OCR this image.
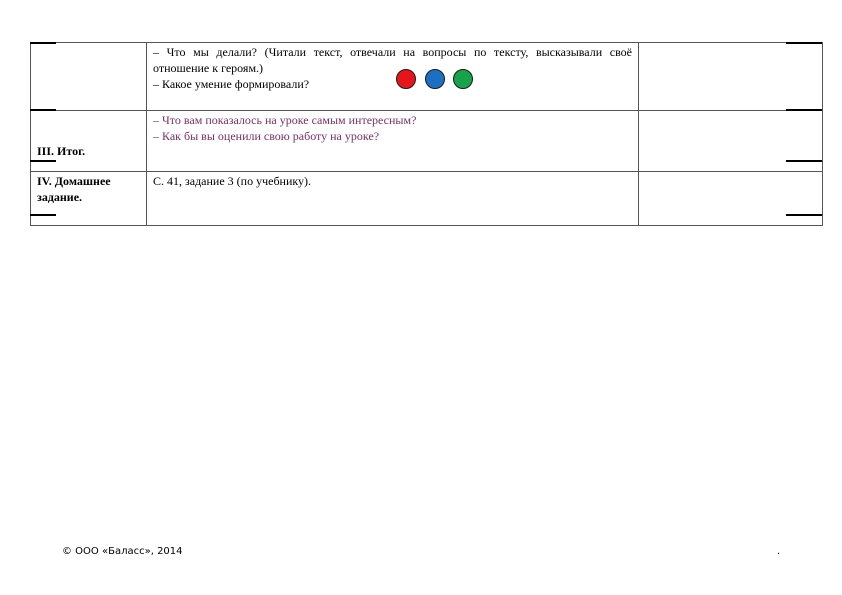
	– Что мы делали? (Читали текст, отвечали на вопросы по тексту, высказывали своё отношение к героям.)
– Какое умение формировали?	

III. Итог.	– Что вам показалось на уроке самым интересным?
– Как бы вы оценили свою работу на уроке?	

IV. Домашнее задание.	С. 41, задание 3 (по учебнику).	

© ООО «Баласс», 2014	.
